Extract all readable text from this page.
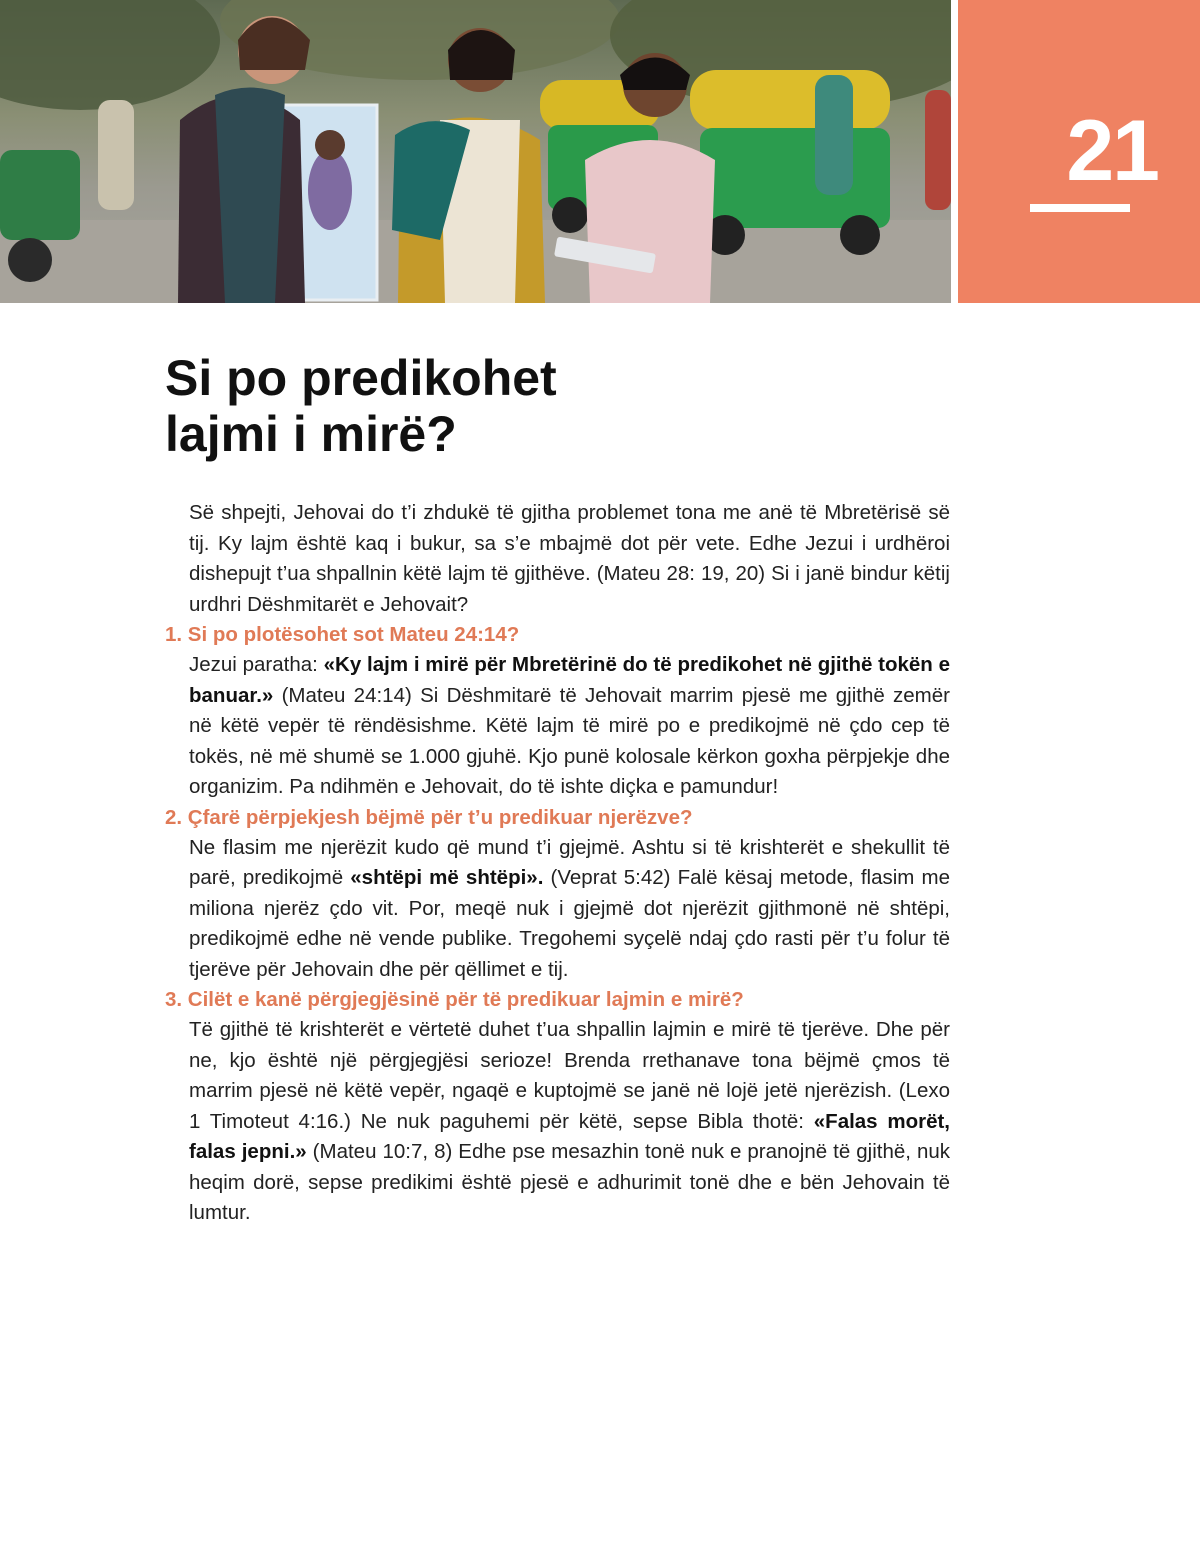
21
Si po predikohet
lajmi i mirë?

Së shpejti, Jehovai do t’i zhdukë të gjitha problemet tona me anë të Mbretërisë së tij. Ky lajm është kaq i bukur, sa s’e mbajmë dot për vete. Edhe Jezui i urdhëroi dishepujt t’ua shpallnin këtë lajm të gjithëve. (Mateu 28: 19, 20) Si i janë bindur këtij urdhri Dëshmitarët e Jehovait?

1. Si po plotësohet sot Mateu 24:14?

Jezui paratha: «Ky lajm i mirë për Mbretërinë do të predikohet në gjithë tokën e banuar.» (Mateu 24:14) Si Dëshmitarë të Jehovait marrim pjesë me gjithë zemër në këtë vepër të rëndësishme. Këtë lajm të mirë po e predikojmë në çdo cep të tokës, në më shumë se 1.000 gjuhë. Kjo punë kolosale kërkon goxha përpjekje dhe organizim. Pa ndihmën e Jehovait, do të ishte diçka e pamundur!

2. Çfarë përpjekjesh bëjmë për t’u predikuar njerëzve?

Ne flasim me njerëzit kudo që mund t’i gjejmë. Ashtu si të krishterët e shekullit të parë, predikojmë «shtëpi më shtëpi». (Veprat 5:42) Falë kësaj metode, flasim me miliona njerëz çdo vit. Por, meqë nuk i gjejmë dot njerëzit gjithmonë në shtëpi, predikojmë edhe në vende publike. Tregohemi syçelë ndaj çdo rasti për t’u folur të tjerëve për Jehovain dhe për qëllimet e tij.

3. Cilët e kanë përgjegjësinë për të predikuar lajmin e mirë?

Të gjithë të krishterët e vërtetë duhet t’ua shpallin lajmin e mirë të tjerëve. Dhe për ne, kjo është një përgjegjësi serioze! Brenda rrethanave tona bëjmë çmos të marrim pjesë në këtë vepër, ngaqë e kuptojmë se janë në lojë jetë njerëzish. (Lexo 1 Timoteut 4:16.) Ne nuk paguhemi për këtë, sepse Bibla thotë: «Falas morët, falas jepni.» (Mateu 10:7, 8) Edhe pse mesazhin tonë nuk e pranojnë të gjithë, nuk heqim dorë, sepse predikimi është pjesë e adhurimit tonë dhe e bën Jehovain të lumtur.
